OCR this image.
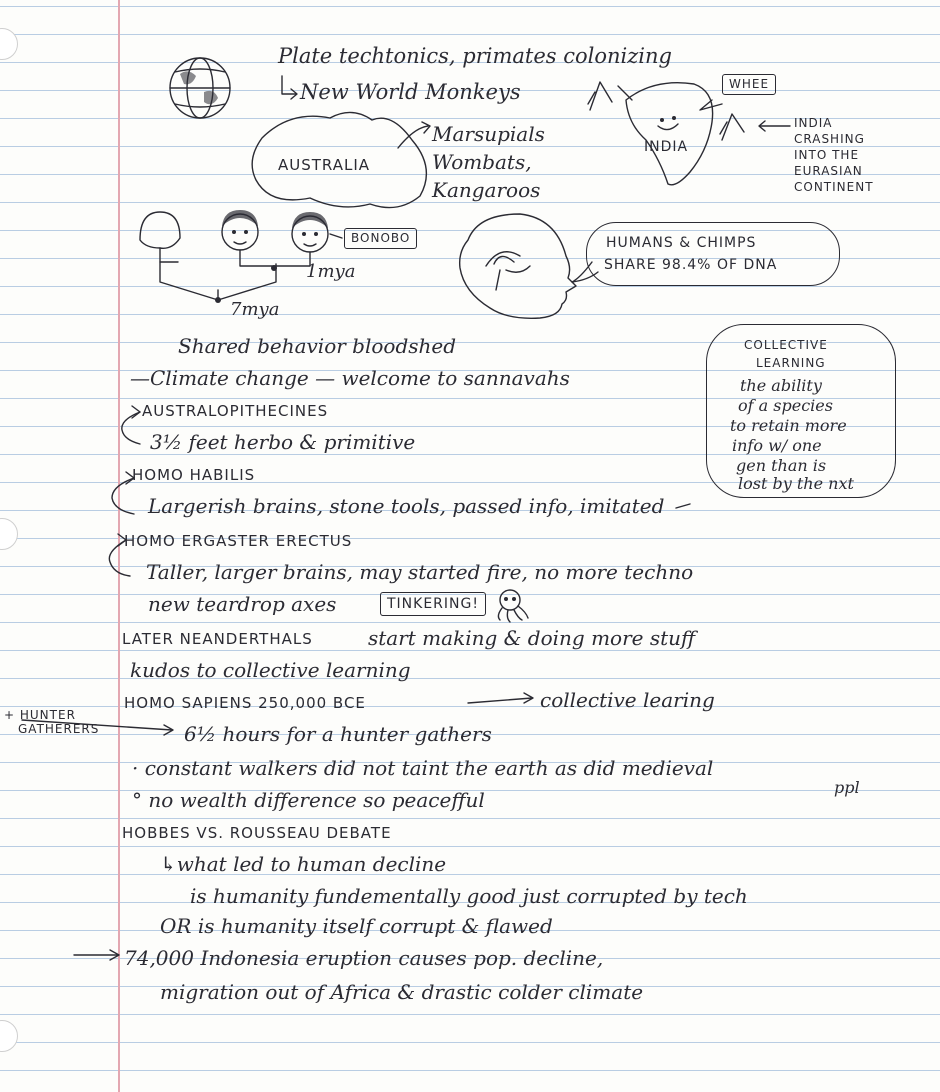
Plate techtonics, primates colonizing
New World Monkeys
AUSTRALIA
Marsupials
Wombats,
Kangaroos
INDIA
WHEE
INDIA
CRASHING
INTO THE
EURASIAN
CONTINENT
BONOBO
1mya
7mya
HUMANS & CHIMPS
SHARE 98.4% OF DNA
Shared behavior bloodshed
—Climate change — welcome to sannavahs
COLLECTIVE
LEARNING
the ability
of a species
to retain more
info w/ one
gen than is
lost by the nxt
AUSTRALOPITHECINES
3½ feet herbo & primitive
HOMO HABILIS
Largerish brains, stone tools, passed info, imitated
HOMO ERGASTER ERECTUS
Taller, larger brains, may started fire, no more techno
new teardrop axes	TINKERING!
LATER NEANDERTHALS	start making & doing more stuff
kudos to collective learning
HOMO SAPIENS 250,000 BCE	collective learing
+ HUNTER
GATHERERS	6½ hours for a hunter gathers
· constant walkers did not taint the earth as did medieval
ppl
° no wealth difference so peacefful
HOBBES VS. ROUSSEAU DEBATE
↳what led to human decline
is humanity fundementally good just corrupted by tech
OR is humanity itself corrupt & flawed
74,000 Indonesia eruption causes pop. decline,
migration out of Africa & drastic colder climate
